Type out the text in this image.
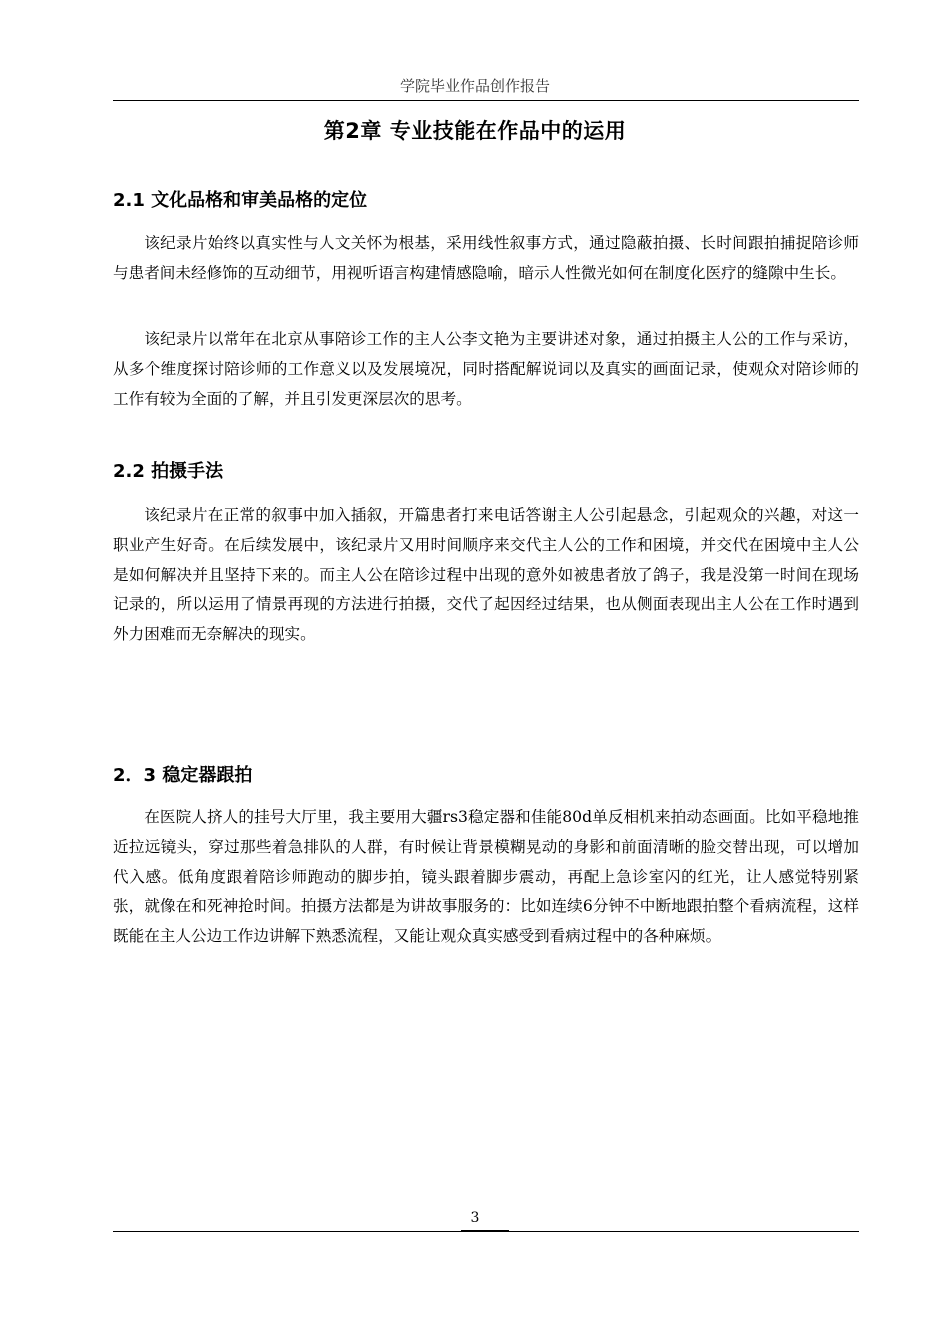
学院毕业作品创作报告
第2章 专业技能在作品中的运用
2.1 文化品格和审美品格的定位

该纪录片始终以真实性与人文关怀为根基，采用线性叙事方式，通过隐蔽拍摄、长时间跟拍捕捉陪诊师与患者间未经修饰的互动细节，用视听语言构建情感隐喻，暗示人性微光如何在制度化医疗的缝隙中生长。

该纪录片以常年在北京从事陪诊工作的主人公李文艳为主要讲述对象，通过拍摄主人公的工作与采访，从多个维度探讨陪诊师的工作意义以及发展境况，同时搭配解说词以及真实的画面记录，使观众对陪诊师的工作有较为全面的了解，并且引发更深层次的思考。

2.2 拍摄手法

该纪录片在正常的叙事中加入插叙，开篇患者打来电话答谢主人公引起悬念，引起观众的兴趣，对这一职业产生好奇。在后续发展中，该纪录片又用时间顺序来交代主人公的工作和困境，并交代在困境中主人公是如何解决并且坚持下来的。而主人公在陪诊过程中出现的意外如被患者放了鸽子，我是没第一时间在现场记录的，所以运用了情景再现的方法进行拍摄，交代了起因经过结果，也从侧面表现出主人公在工作时遇到外力困难而无奈解决的现实。

2．3 稳定器跟拍

在医院人挤人的挂号大厅里，我主要用大疆rs3稳定器和佳能80d单反相机来拍动态画面。比如平稳地推近拉远镜头，穿过那些着急排队的人群，有时候让背景模糊晃动的身影和前面清晰的脸交替出现，可以增加代入感。低角度跟着陪诊师跑动的脚步拍，镜头跟着脚步震动，再配上急诊室闪的红光，让人感觉特别紧张，就像在和死神抢时间。拍摄方法都是为讲故事服务的：比如连续6分钟不中断地跟拍整个看病流程，这样既能在主人公边工作边讲解下熟悉流程，又能让观众真实感受到看病过程中的各种麻烦。

3
